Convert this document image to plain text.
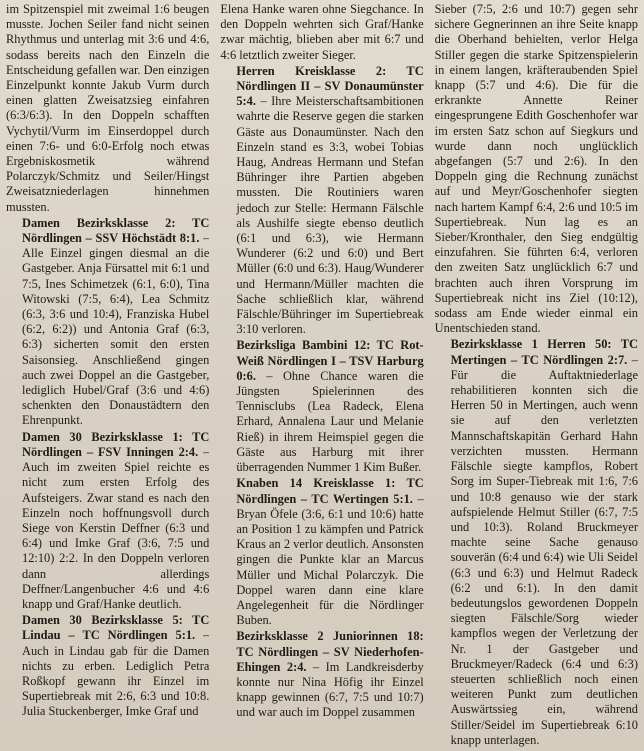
im Spitzenspiel mit zweimal 1:6 beugen musste. Jochen Seiler fand nicht seinen Rhythmus und unterlag mit 3:6 und 4:6, sodass bereits nach den Einzeln die Entscheidung gefallen war. Den einzigen Einzelpunkt konnte Jakub Vurm durch einen glatten Zweisatzsieg einfahren (6:3/6:3). In den Doppeln schafften Vychytil/Vurm im Einserdoppel durch einen 7:6- und 6:0-Erfolg noch etwas Ergebniskosmetik während Polarczyk/Schmitz und Seiler/Hingst Zweisatzniederlagen hinnehmen mussten.

Damen Bezirksklasse 2: TC Nördlingen – SSV Höchstädt 8:1. – Alle Einzel gingen diesmal an die Gastgeber. Anja Fürsattel mit 6:1 und 7:5, Ines Schimetzek (6:1, 6:0), Tina Witowski (7:5, 6:4), Lea Schmitz (6:3, 3:6 und 10:4), Franziska Hubel (6:2, 6:2)) und Antonia Graf (6:3, 6:3) sicherten somit den ersten Saisonsieg. Anschließend gingen auch zwei Doppel an die Gastgeber, lediglich Hubel/Graf (3:6 und 4:6) schenkten den Donaustädtern den Ehrenpunkt.

Damen 30 Bezirksklasse 1: TC Nördlingen – FSV Inningen 2:4. – Auch im zweiten Spiel reichte es nicht zum ersten Erfolg des Aufsteigers. Zwar stand es nach den Einzeln noch hoffnungsvoll durch Siege von Kerstin Deffner (6:3 und 6:4) und Imke Graf (3:6, 7:5 und 12:10) 2:2. In den Doppeln verloren dann allerdings Deffner/Langenbucher 4:6 und 4:6 knapp und Graf/Hanke deutlich.

Damen 30 Bezirksklasse 5: TC Lindau – TC Nördlingen 5:1. – Auch in Lindau gab für die Damen nichts zu erben. Lediglich Petra Roßkopf gewann ihr Einzel im Supertiebreak mit 2:6, 6:3 und 10:8. Julia Stuckenberger, Imke Graf und

Elena Hanke waren ohne Siegchance. In den Doppeln wehrten sich Graf/Hanke zwar mächtig, blieben aber mit 6:7 und 4:6 letztlich zweiter Sieger.

Herren Kreisklasse 2: TC Nördlingen II – SV Donaumünster 5:4. – Ihre Meisterschaftsambitionen wahrte die Reserve gegen die starken Gäste aus Donaumünster. Nach den Einzeln stand es 3:3, wobei Tobias Haug, Andreas Hermann und Stefan Bühringer ihre Partien abgeben mussten. Die Routiniers waren jedoch zur Stelle: Hermann Fälschle als Aushilfe siegte ebenso deutlich (6:1 und 6:3), wie Hermann Wunderer (6:2 und 6:0) und Bert Müller (6:0 und 6:3). Haug/Wunderer und Hermann/Müller machten die Sache schließlich klar, während Fälschle/Bühringer im Supertiebreak 3:10 verloren.

Bezirksliga Bambini 12: TC Rot-Weiß Nördlingen I – TSV Harburg 0:6. – Ohne Chance waren die Jüngsten Spielerinnen des Tennisclubs (Lea Radeck, Elena Erhard, Annalena Laur und Melanie Rieß) in ihrem Heimspiel gegen die Gäste aus Harburg mit ihrer überragenden Nummer 1 Kim Bußer.

Knaben 14 Kreisklasse 1: TC Nördlingen – TC Wertingen 5:1. – Bryan Öfele (3:6, 6:1 und 10:6) hatte an Position 1 zu kämpfen und Patrick Kraus an 2 verlor deutlich. Ansonsten gingen die Punkte klar an Marcus Müller und Michal Polarczyk. Die Doppel waren dann eine klare Angelegenheit für die Nördlinger Buben.

Bezirksklasse 2 Juniorinnen 18: TC Nördlingen – SV Niederhofen-Ehingen 2:4. – Im Landkreisderby konnte nur Nina Höfig ihr Einzel knapp gewinnen (6:7, 7:5 und 10:7) und war auch im Doppel zusammen

Sieber (7:5, 2:6 und 10:7) gegen sehr sichere Gegnerinnen an ihre Seite knapp die Oberhand behielten, verlor Helga Stiller gegen die starke Spitzenspielerin in einem langen, kräfteraubenden Spiel knapp (5:7 und 4:6). Die für die erkrankte Annette Reiner eingesprungene Edith Goschenhofer war im ersten Satz schon auf Siegkurs und wurde dann noch unglücklich abgefangen (5:7 und 2:6). In den Doppeln ging die Rechnung zunächst auf und Meyr/Goschenhofer siegten nach hartem Kampf 6:4, 2:6 und 10:5 im Supertiebreak. Nun lag es an Sieber/Kronthaler, den Sieg endgültig einzufahren. Sie führten 6:4, verloren den zweiten Satz unglücklich 6:7 und brachten auch ihren Vorsprung im Supertiebreak nicht ins Ziel (10:12), sodass am Ende wieder einmal ein Unentschieden stand.

Bezirksklasse 1 Herren 50: TC Mertingen – TC Nördlingen 2:7. – Für die Auftaktniederlage rehabilitieren konnten sich die Herren 50 in Mertingen, auch wenn sie auf den verletzten Mannschaftskapitän Gerhard Hahn verzichten mussten. Hermann Fälschle siegte kampflos, Robert Sorg im Super-Tiebreak mit 1:6, 7:6 und 10:8 genauso wie der stark aufspielende Helmut Stiller (6:7, 7:5 und 10:3). Roland Bruckmeyer machte seine Sache genauso souverän (6:4 und 6:4) wie Uli Seidel (6:3 und 6:3) und Helmut Radeck (6:2 und 6:1). In den damit bedeutungslos gewordenen Doppeln siegten Fälschle/Sorg wieder kampflos wegen der Verletzung der Nr. 1 der Gastgeber und Bruckmeyer/Radeck (6:4 und 6:3) steuerten schließlich noch einen weiteren Punkt zum deutlichen Auswärtssieg ein, während Stiller/Seidel im Supertiebreak 6:10 knapp unterlagen.
